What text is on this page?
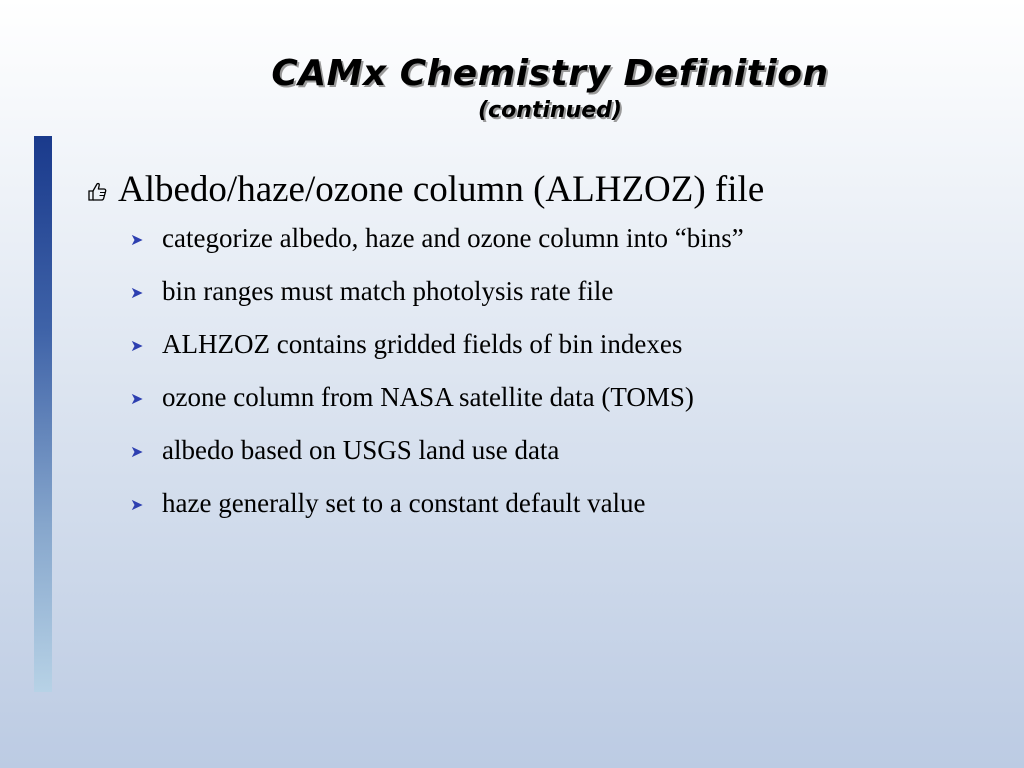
CAMx Chemistry Definition
(continued)
Albedo/haze/ozone column (ALHZOZ) file
➤ categorize albedo, haze and ozone column into “bins”
➤ bin ranges must match photolysis rate file
➤ ALHZOZ contains gridded fields of bin indexes
➤ ozone column from NASA satellite data (TOMS)
➤ albedo based on USGS land use data
➤ haze generally set to a constant default value
